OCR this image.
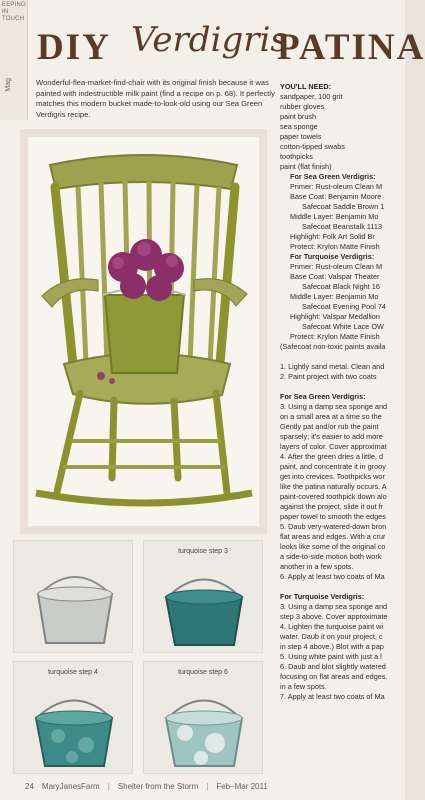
EEPING IN
TOUCH
Mag
DIY Verdigris
PATINA
Wonderful-flea-market-find-chair with its original finish because it was painted with indestructible milk paint (find a recipe on p. 68). It perfectly matches this modern bucket made-to-look-old using our Sea Green Verdigris recipe.
turquoise step 3
turquoise step 4	turquoise step 6
YOU'LL NEED:
sandpaper, 100 grit
rubber gloves
paint brush
sea sponge
paper towels
cotton-tipped swabs
toothpicks
paint (flat finish)
For Sea Green Verdigris:
Primer: Rust-oleum Clean M
Base Coat: Benjamin Moore
Safecoat Saddle Brown 1
Middle Layer: Benjamin Mo
Safecoat Beanstalk 1113
Highlight: Folk Art Solid Br
Protect: Krylon Matte Finish
For Turquoise Verdigris:
Primer: Rust-oleum Clean M
Base Coat: Valspar Theater
Safecoat Black Night 16
Middle Layer: Benjamin Mo
Safecoat Evening Pool 74
Highlight: Valspar Medallion
Safecoat White Lace OW
Protect: Krylon Matte Finish
(Safecoat non-toxic paints availa
1. Lightly sand metal. Clean and
2. Paint project with two coats
For Sea Green Verdigris:
3. Using a damp sea sponge and
on a small area at a time so the
Gently pat and/or rub the paint
sparsely; it's easier to add more
layers of color. Cover approximat
4. After the green dries a little, d
paint, and concentrate it in grooy
get into crevices. Toothpicks wor
like the patina naturally occurs. A
paint-covered toothpick down alo
against the project, slide it out fr
paper towel to smooth the edges
5. Daub very-watered-down bron
flat areas and edges. With a crur
looks like some of the original co
a side-to-side motion both work
another in a few spots.
6. Apply at least two coats of Ma
For Turquoise Verdigris:
3. Using a damp sea sponge and
step 3 above. Cover approximate
4. Lighten the turquoise paint wi
water. Daub it on your project, c
in step 4 above.) Blot with a pap
5. Using white paint with just a l
6. Daub and blot slightly watered
focusing on flat areas and edges.
in a few spots.
7. Apply at least two coats of Ma
24 MaryJanesFarm | Shelter from the Storm | Feb–Mar 2011
